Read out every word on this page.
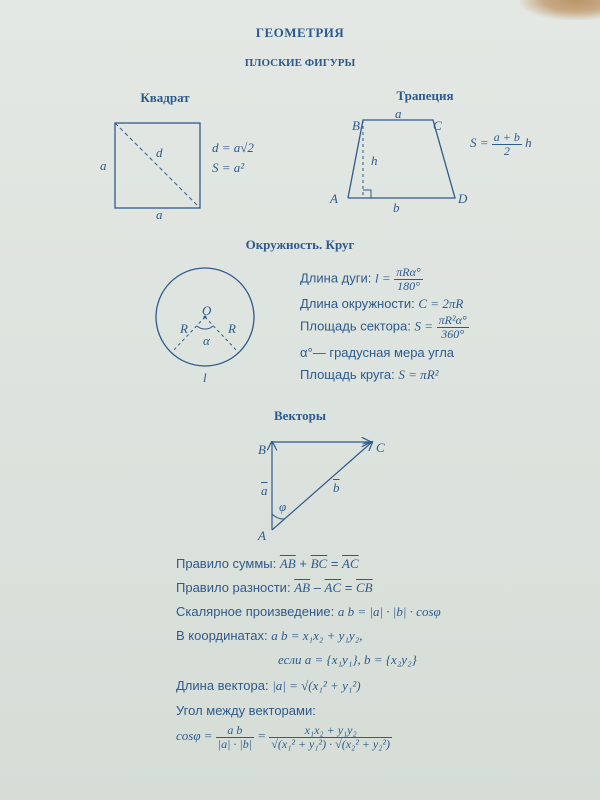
ГЕОМЕТРИЯ
ПЛОСКИЕ ФИГУРЫ
Квадрат
a
a
d	d = a√2
S = a²
Трапеция
B	C
A	D
a
b
h
$S = \frac{a + b}{2}$ h
Окружность. Круг
O
R	R
α
l
Длина дуги: $l = \frac{\text{πRα°}}{180^\circ}$
Длина окружности: C = 2πR
Площадь сектора: $S = \frac{\text{πR²α°}}{360^\circ}$
α°— градусная мера угла
Площадь круга: S = πR²
Векторы
B	C
A
$\overline{a}$	$\overline{b}$
φ
Правило суммы: $\overline{AB} + \overline{BC} = \overline{AC}$
Правило разности: $\overline{AB} - \overline{AC} = \overline{CB}$
Скалярное произведение: a b = |a| · |b| · cosφ
В координатах: a b = x₁x₂ + y₁y₂,
если a = {x₁y₁}, b = {x₂y₂}
Длина вектора: |a| = √(x₁² + y₁²)
Угол между векторами:
$\cos\varphi = \frac{\text{a b}}{|a| \cdot |b|} = \frac{\text{x₁x₂ + y₁y₂}}{\text{√(x₁² + y₁²) · √(x₂² + y₂²)}}$
